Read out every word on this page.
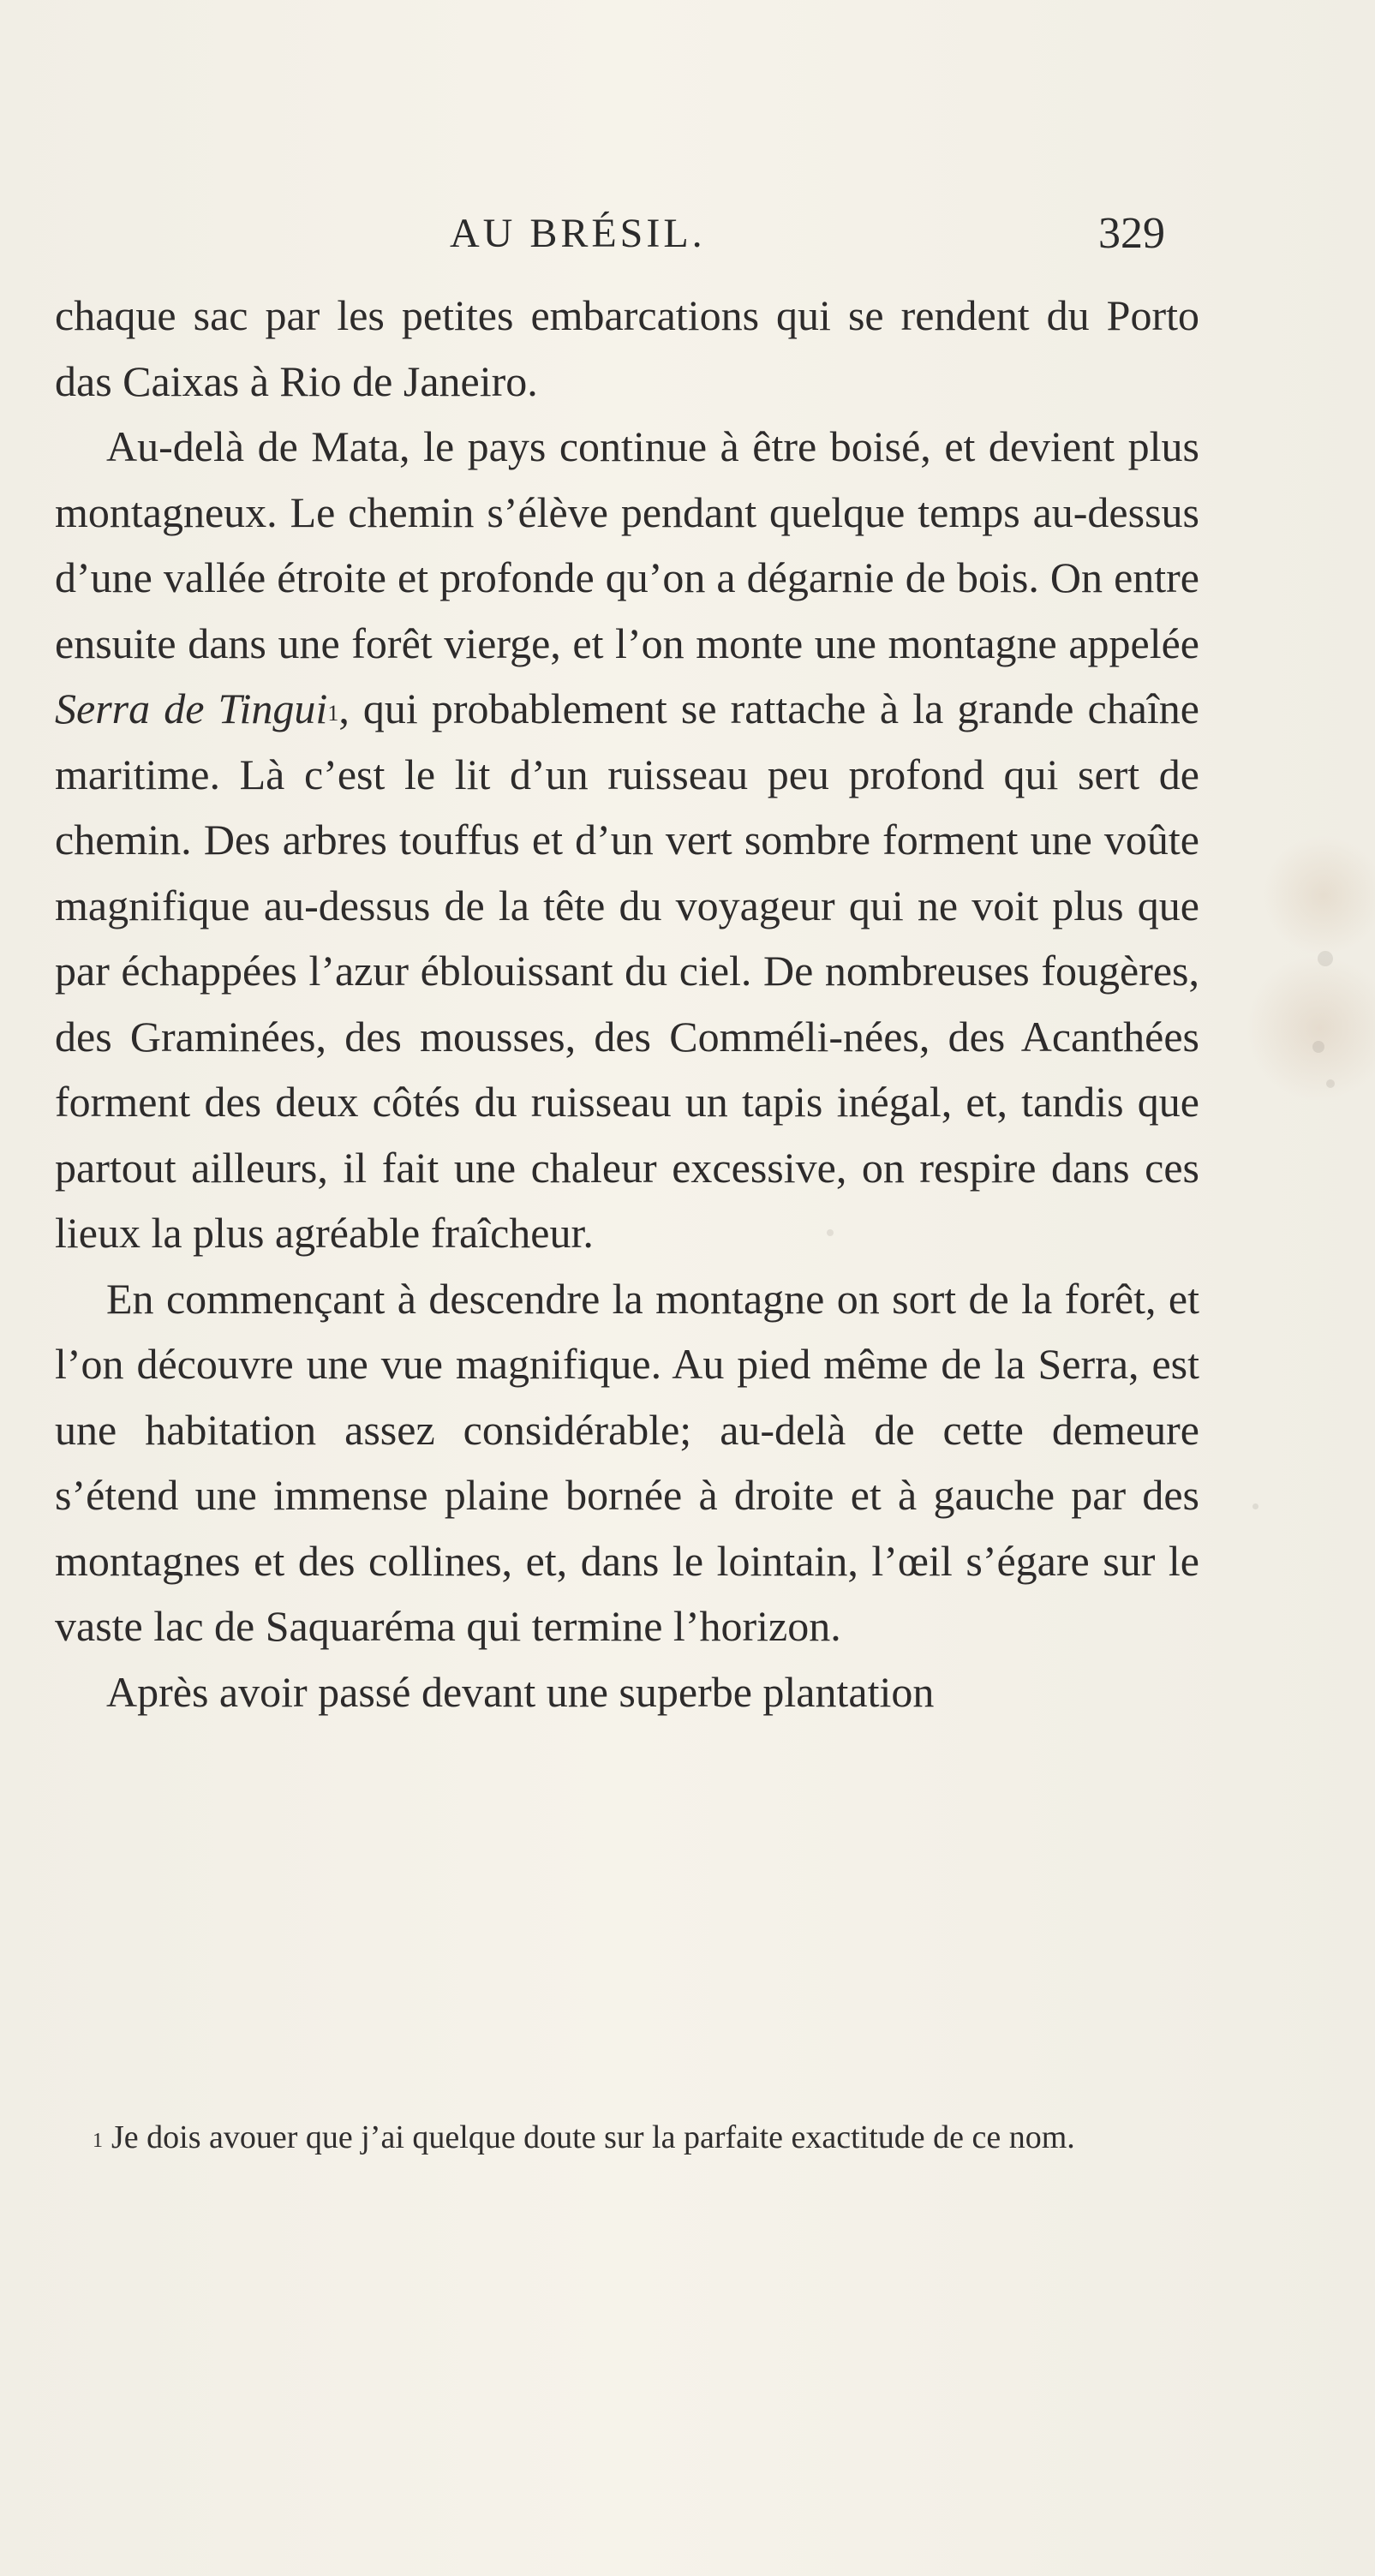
AU BRÉSIL.	329

chaque sac par les petites embarcations qui se rendent du Porto das Caixas à Rio de Janeiro.

Au-delà de Mata, le pays continue à être boisé, et devient plus montagneux. Le chemin s’élève pendant quelque temps au-dessus d’une vallée étroite et profonde qu’on a dégarnie de bois. On entre ensuite dans une forêt vierge, et l’on monte une montagne appelée Serra de Tingui$^1$, qui probablement se rattache à la grande chaîne maritime. Là c’est le lit d’un ruisseau peu profond qui sert de chemin. Des arbres touffus et d’un vert sombre forment une voûte magnifique au-dessus de la tête du voyageur qui ne voit plus que par échappées l’azur éblouissant du ciel. De nombreuses fougères, des Graminées, des mousses, des Comméli-nées, des Acanthées forment des deux côtés du ruisseau un tapis inégal, et, tandis que partout ailleurs, il fait une chaleur excessive, on respire dans ces lieux la plus agréable fraîcheur.

En commençant à descendre la montagne on sort de la forêt, et l’on découvre une vue magnifique. Au pied même de la Serra, est une habitation assez considérable; au-delà de cette demeure s’étend une immense plaine bornée à droite et à gauche par des montagnes et des collines, et, dans le lointain, l’œil s’égare sur le vaste lac de Saquaréma qui termine l’horizon.

Après avoir passé devant une superbe plantation

$^1$ Je dois avouer que j’ai quelque doute sur la parfaite exactitude de ce nom.
